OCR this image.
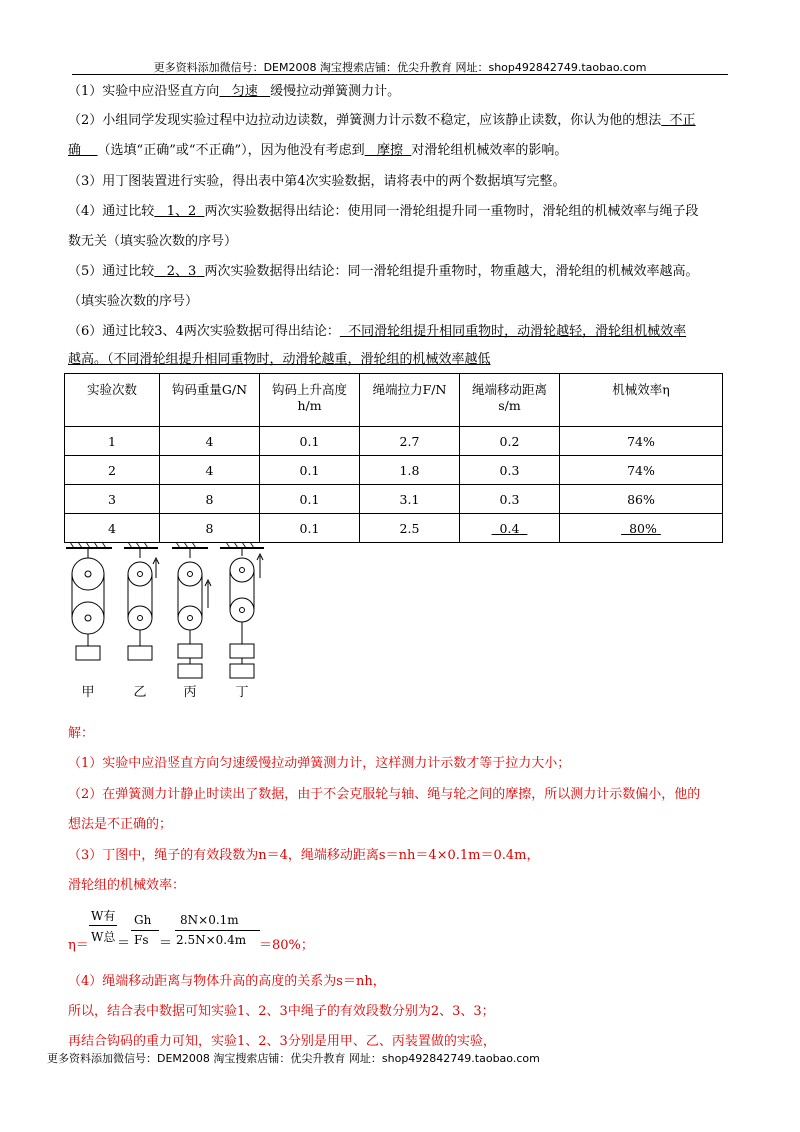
更多资料添加微信号：DEM2008 淘宝搜索店铺：优尖升教育 网址：shop492842749.taobao.com
（1）实验中应沿竖直方向 匀速 缓慢拉动弹簧测力计。
（2）小组同学发现实验过程中边拉动边读数，弹簧测力计示数不稳定，应该静止读数，你认为他的想法 不正
确 （选填“正确”或“不正确”），因为他没有考虑到 摩擦 对滑轮组机械效率的影响。
（3）用丁图装置进行实验，得出表中第4次实验数据，请将表中的两个数据填写完整。
（4）通过比较 1、2 两次实验数据得出结论：使用同一滑轮组提升同一重物时，滑轮组的机械效率与绳子段
数无关（填实验次数的序号）
（5）通过比较 2、3 两次实验数据得出结论：同一滑轮组提升重物时，物重越大，滑轮组的机械效率越高。
（填实验次数的序号）
（6）通过比较3、4两次实验数据可得出结论： 不同滑轮组提升相同重物时，动滑轮越轻，滑轮组机械效率
越高。（不同滑轮组提升相同重物时，动滑轮越重，滑轮组的机械效率越低
实验次数	钩码重量G/N	钩码上升高度h/m	绳端拉力F/N	绳端移动距离s/m	机械效率η
1	4	0.1	2.7	0.2	74%
2	4	0.1	1.8	0.3	74%
3	8	0.1	3.1	0.3	86%
4	8	0.1	2.5	0.4	80%
甲	乙	丙	丁
解：
（1）实验中应沿竖直方向匀速缓慢拉动弹簧测力计，这样测力计示数才等于拉力大小；
（2）在弹簧测力计静止时读出了数据，由于不会克服轮与轴、绳与轮之间的摩擦，所以测力计示数偏小，他的
想法是不正确的；
（3）丁图中，绳子的有效段数为n＝4，绳端移动距离s＝nh＝4×0.1m＝0.4m，
滑轮组的机械效率：
η＝
W有
W总 ＝
Gh
Fs ＝
8N×0.1m
2.5N×0.4m ＝80%；
（4）绳端移动距离与物体升高的高度的关系为s＝nh，
所以，结合表中数据可知实验1、2、3中绳子的有效段数分别为2、3、3；
再结合钩码的重力可知，实验1、2、3分别是用甲、乙、丙装置做的实验，
更多资料添加微信号：DEM2008 淘宝搜索店铺：优尖升教育 网址：shop492842749.taobao.com
